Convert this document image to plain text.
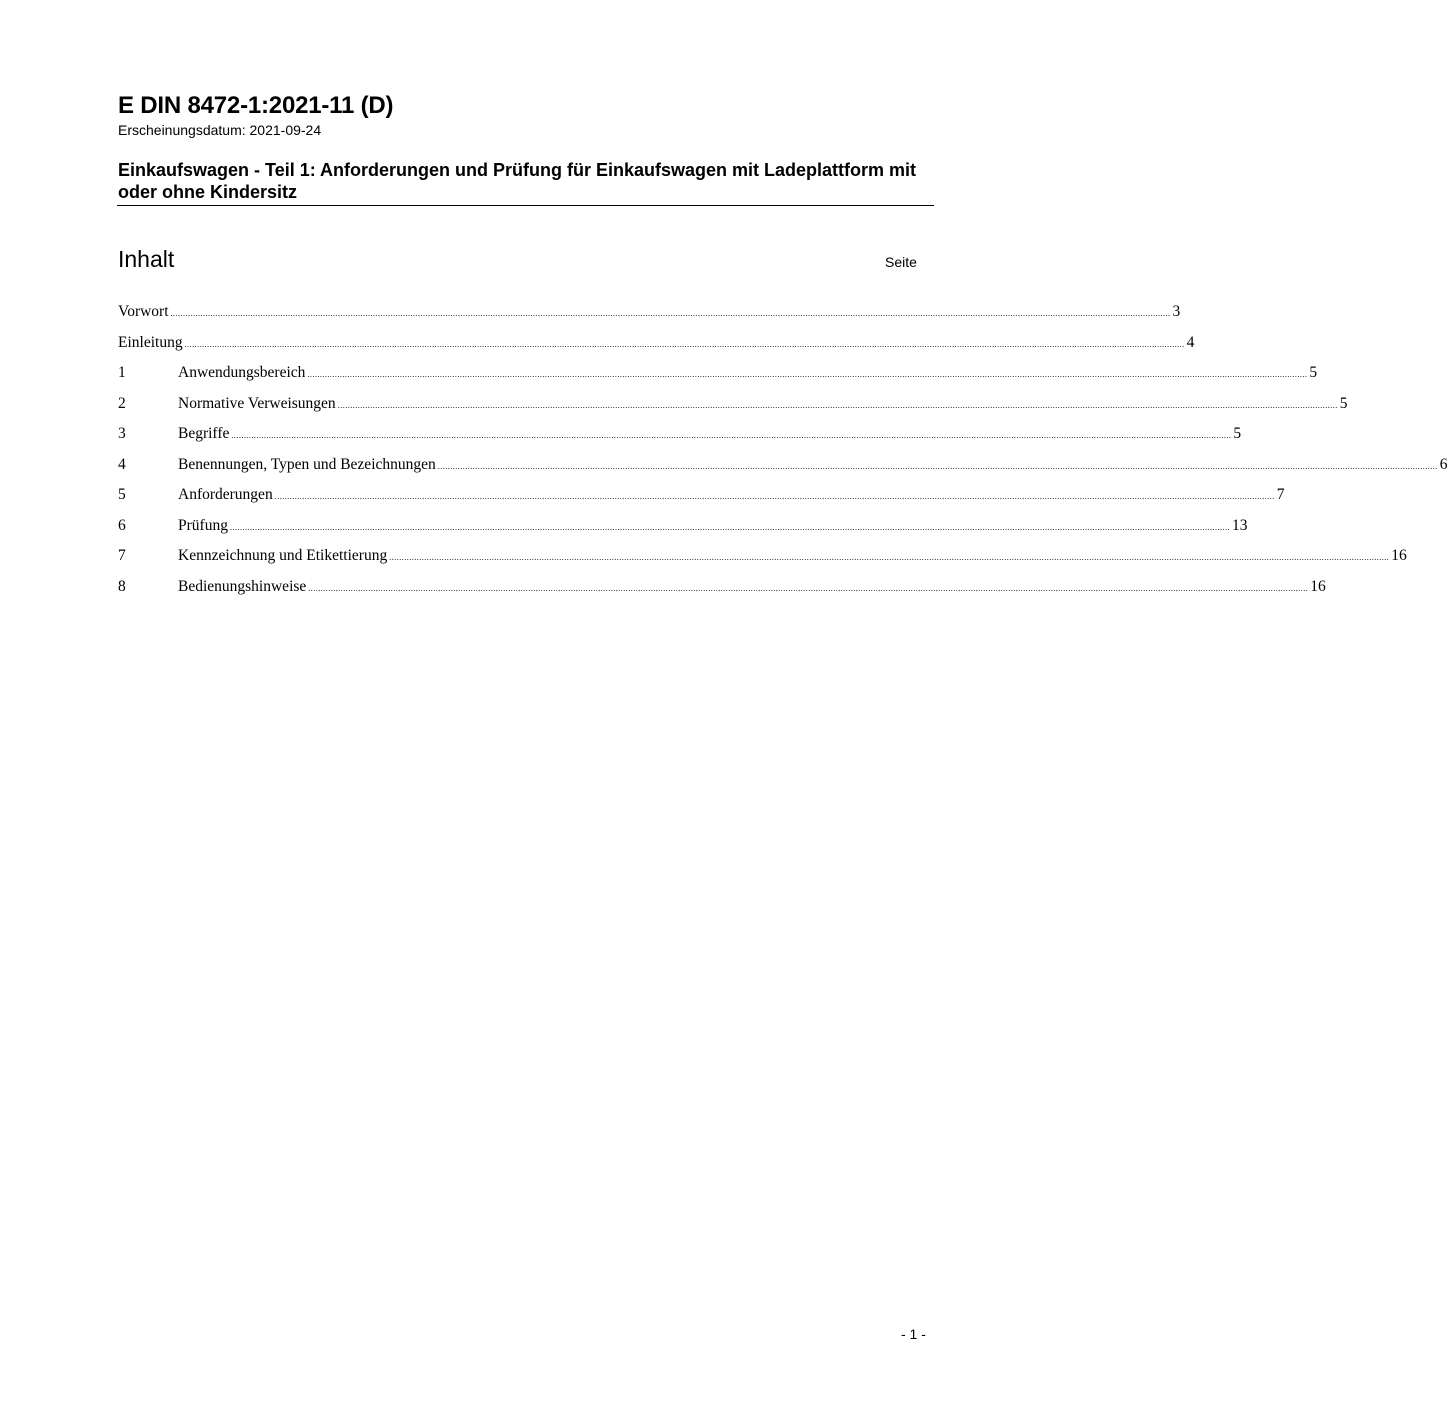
E DIN 8472-1:2021-11 (D)
Erscheinungsdatum: 2021-09-24
Einkaufswagen - Teil 1: Anforderungen und Prüfung für Einkaufswagen mit Ladeplattform mit oder ohne Kindersitz
Inhalt	Seite
Vorwort ................................................................................................................................................................................................................................................................................................................................................................................................................ 3
Einleitung ................................................................................................................................................................................................................................................................................................................................................................................................................ 4
1	Anwendungsbereich ................................................................................................................................................................................................................................................................................................................................................................................................................ 5
2	Normative Verweisungen ................................................................................................................................................................................................................................................................................................................................................................................................................ 5
3	Begriffe ................................................................................................................................................................................................................................................................................................................................................................................................................ 5
4	Benennungen, Typen und Bezeichnungen ................................................................................................................................................................................................................................................................................................................................................................................................................ 6
5	Anforderungen ................................................................................................................................................................................................................................................................................................................................................................................................................ 7
6	Prüfung ................................................................................................................................................................................................................................................................................................................................................................................................................ 13
7	Kennzeichnung und Etikettierung ................................................................................................................................................................................................................................................................................................................................................................................................................ 16
8	Bedienungshinweise ................................................................................................................................................................................................................................................................................................................................................................................................................ 16
- 1 -
